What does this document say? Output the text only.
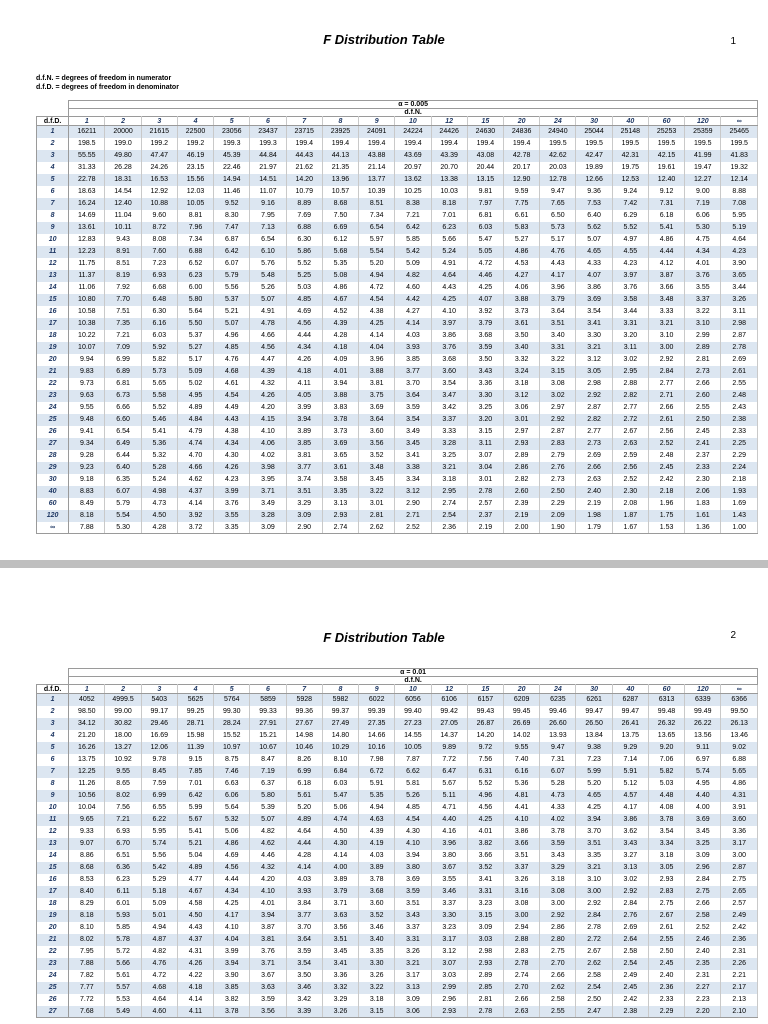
F Distribution Table	1
d.f.N. = degrees of freedom in numerator
d.f.D. = degrees of freedom in denominator
	α = 0.005																		
	d.f.N.																		
d.f.D.	1	2	3	4	5	6	7	8	9	10	12	15	20	24	30	40	60	120	∞
1	16211	20000	21615	22500	23056	23437	23715	23925	24091	24224	24426	24630	24836	24940	25044	25148	25253	25359	25465
2	198.5	199.0	199.2	199.2	199.3	199.3	199.4	199.4	199.4	199.4	199.4	199.4	199.4	199.5	199.5	199.5	199.5	199.5	199.5
3	55.55	49.80	47.47	46.19	45.39	44.84	44.43	44.13	43.88	43.69	43.39	43.08	42.78	42.62	42.47	42.31	42.15	41.99	41.83
4	31.33	26.28	24.26	23.15	22.46	21.97	21.62	21.35	21.14	20.97	20.70	20.44	20.17	20.03	19.89	19.75	19.61	19.47	19.32
5	22.78	18.31	16.53	15.56	14.94	14.51	14.20	13.96	13.77	13.62	13.38	13.15	12.90	12.78	12.66	12.53	12.40	12.27	12.14
6	18.63	14.54	12.92	12.03	11.46	11.07	10.79	10.57	10.39	10.25	10.03	9.81	9.59	9.47	9.36	9.24	9.12	9.00	8.88
7	16.24	12.40	10.88	10.05	9.52	9.16	8.89	8.68	8.51	8.38	8.18	7.97	7.75	7.65	7.53	7.42	7.31	7.19	7.08
8	14.69	11.04	9.60	8.81	8.30	7.95	7.69	7.50	7.34	7.21	7.01	6.81	6.61	6.50	6.40	6.29	6.18	6.06	5.95
9	13.61	10.11	8.72	7.96	7.47	7.13	6.88	6.69	6.54	6.42	6.23	6.03	5.83	5.73	5.62	5.52	5.41	5.30	5.19
10	12.83	9.43	8.08	7.34	6.87	6.54	6.30	6.12	5.97	5.85	5.66	5.47	5.27	5.17	5.07	4.97	4.86	4.75	4.64
11	12.23	8.91	7.60	6.88	6.42	6.10	5.86	5.68	5.54	5.42	5.24	5.05	4.86	4.76	4.65	4.55	4.44	4.34	4.23
12	11.75	8.51	7.23	6.52	6.07	5.76	5.52	5.35	5.20	5.09	4.91	4.72	4.53	4.43	4.33	4.23	4.12	4.01	3.90
13	11.37	8.19	6.93	6.23	5.79	5.48	5.25	5.08	4.94	4.82	4.64	4.46	4.27	4.17	4.07	3.97	3.87	3.76	3.65
14	11.06	7.92	6.68	6.00	5.56	5.26	5.03	4.86	4.72	4.60	4.43	4.25	4.06	3.96	3.86	3.76	3.66	3.55	3.44
15	10.80	7.70	6.48	5.80	5.37	5.07	4.85	4.67	4.54	4.42	4.25	4.07	3.88	3.79	3.69	3.58	3.48	3.37	3.26
16	10.58	7.51	6.30	5.64	5.21	4.91	4.69	4.52	4.38	4.27	4.10	3.92	3.73	3.64	3.54	3.44	3.33	3.22	3.11
17	10.38	7.35	6.16	5.50	5.07	4.78	4.56	4.39	4.25	4.14	3.97	3.79	3.61	3.51	3.41	3.31	3.21	3.10	2.98
18	10.22	7.21	6.03	5.37	4.96	4.66	4.44	4.28	4.14	4.03	3.86	3.68	3.50	3.40	3.30	3.20	3.10	2.99	2.87
19	10.07	7.09	5.92	5.27	4.85	4.56	4.34	4.18	4.04	3.93	3.76	3.59	3.40	3.31	3.21	3.11	3.00	2.89	2.78
20	9.94	6.99	5.82	5.17	4.76	4.47	4.26	4.09	3.96	3.85	3.68	3.50	3.32	3.22	3.12	3.02	2.92	2.81	2.69
21	9.83	6.89	5.73	5.09	4.68	4.39	4.18	4.01	3.88	3.77	3.60	3.43	3.24	3.15	3.05	2.95	2.84	2.73	2.61
22	9.73	6.81	5.65	5.02	4.61	4.32	4.11	3.94	3.81	3.70	3.54	3.36	3.18	3.08	2.98	2.88	2.77	2.66	2.55
23	9.63	6.73	5.58	4.95	4.54	4.26	4.05	3.88	3.75	3.64	3.47	3.30	3.12	3.02	2.92	2.82	2.71	2.60	2.48
24	9.55	6.66	5.52	4.89	4.49	4.20	3.99	3.83	3.69	3.59	3.42	3.25	3.06	2.97	2.87	2.77	2.66	2.55	2.43
25	9.48	6.60	5.46	4.84	4.43	4.15	3.94	3.78	3.64	3.54	3.37	3.20	3.01	2.92	2.82	2.72	2.61	2.50	2.38
26	9.41	6.54	5.41	4.79	4.38	4.10	3.89	3.73	3.60	3.49	3.33	3.15	2.97	2.87	2.77	2.67	2.56	2.45	2.33
27	9.34	6.49	5.36	4.74	4.34	4.06	3.85	3.69	3.56	3.45	3.28	3.11	2.93	2.83	2.73	2.63	2.52	2.41	2.25
28	9.28	6.44	5.32	4.70	4.30	4.02	3.81	3.65	3.52	3.41	3.25	3.07	2.89	2.79	2.69	2.59	2.48	2.37	2.29
29	9.23	6.40	5.28	4.66	4.26	3.98	3.77	3.61	3.48	3.38	3.21	3.04	2.86	2.76	2.66	2.56	2.45	2.33	2.24
30	9.18	6.35	5.24	4.62	4.23	3.95	3.74	3.58	3.45	3.34	3.18	3.01	2.82	2.73	2.63	2.52	2.42	2.30	2.18
40	8.83	6.07	4.98	4.37	3.99	3.71	3.51	3.35	3.22	3.12	2.95	2.78	2.60	2.50	2.40	2.30	2.18	2.06	1.93
60	8.49	5.79	4.73	4.14	3.76	3.49	3.29	3.13	3.01	2.90	2.74	2.57	2.39	2.29	2.19	2.08	1.96	1.83	1.69
120	8.18	5.54	4.50	3.92	3.55	3.28	3.09	2.93	2.81	2.71	2.54	2.37	2.19	2.09	1.98	1.87	1.75	1.61	1.43
∞	7.88	5.30	4.28	3.72	3.35	3.09	2.90	2.74	2.62	2.52	2.36	2.19	2.00	1.90	1.79	1.67	1.53	1.36	1.00
F Distribution Table	2
	α = 0.01																		
	d.f.N.																		
d.f.D.	1	2	3	4	5	6	7	8	9	10	12	15	20	24	30	40	60	120	∞
1	4052	4999.5	5403	5625	5764	5859	5928	5982	6022	6056	6106	6157	6209	6235	6261	6287	6313	6339	6366
2	98.50	99.00	99.17	99.25	99.30	99.33	99.36	99.37	99.39	99.40	99.42	99.43	99.45	99.46	99.47	99.47	99.48	99.49	99.50
3	34.12	30.82	29.46	28.71	28.24	27.91	27.67	27.49	27.35	27.23	27.05	26.87	26.69	26.60	26.50	26.41	26.32	26.22	26.13
4	21.20	18.00	16.69	15.98	15.52	15.21	14.98	14.80	14.66	14.55	14.37	14.20	14.02	13.93	13.84	13.75	13.65	13.56	13.46
5	16.26	13.27	12.06	11.39	10.97	10.67	10.46	10.29	10.16	10.05	9.89	9.72	9.55	9.47	9.38	9.29	9.20	9.11	9.02
6	13.75	10.92	9.78	9.15	8.75	8.47	8.26	8.10	7.98	7.87	7.72	7.56	7.40	7.31	7.23	7.14	7.06	6.97	6.88
7	12.25	9.55	8.45	7.85	7.46	7.19	6.99	6.84	6.72	6.62	6.47	6.31	6.16	6.07	5.99	5.91	5.82	5.74	5.65
8	11.26	8.65	7.59	7.01	6.63	6.37	6.18	6.03	5.91	5.81	5.67	5.52	5.36	5.28	5.20	5.12	5.03	4.95	4.86
9	10.56	8.02	6.99	6.42	6.06	5.80	5.61	5.47	5.35	5.26	5.11	4.96	4.81	4.73	4.65	4.57	4.48	4.40	4.31
10	10.04	7.56	6.55	5.99	5.64	5.39	5.20	5.06	4.94	4.85	4.71	4.56	4.41	4.33	4.25	4.17	4.08	4.00	3.91
11	9.65	7.21	6.22	5.67	5.32	5.07	4.89	4.74	4.63	4.54	4.40	4.25	4.10	4.02	3.94	3.86	3.78	3.69	3.60
12	9.33	6.93	5.95	5.41	5.06	4.82	4.64	4.50	4.39	4.30	4.16	4.01	3.86	3.78	3.70	3.62	3.54	3.45	3.36
13	9.07	6.70	5.74	5.21	4.86	4.62	4.44	4.30	4.19	4.10	3.96	3.82	3.66	3.59	3.51	3.43	3.34	3.25	3.17
14	8.86	6.51	5.56	5.04	4.69	4.46	4.28	4.14	4.03	3.94	3.80	3.66	3.51	3.43	3.35	3.27	3.18	3.09	3.00
15	8.68	6.36	5.42	4.89	4.56	4.32	4.14	4.00	3.89	3.80	3.67	3.52	3.37	3.29	3.21	3.13	3.05	2.96	2.87
16	8.53	6.23	5.29	4.77	4.44	4.20	4.03	3.89	3.78	3.69	3.55	3.41	3.26	3.18	3.10	3.02	2.93	2.84	2.75
17	8.40	6.11	5.18	4.67	4.34	4.10	3.93	3.79	3.68	3.59	3.46	3.31	3.16	3.08	3.00	2.92	2.83	2.75	2.65
18	8.29	6.01	5.09	4.58	4.25	4.01	3.84	3.71	3.60	3.51	3.37	3.23	3.08	3.00	2.92	2.84	2.75	2.66	2.57
19	8.18	5.93	5.01	4.50	4.17	3.94	3.77	3.63	3.52	3.43	3.30	3.15	3.00	2.92	2.84	2.76	2.67	2.58	2.49
20	8.10	5.85	4.94	4.43	4.10	3.87	3.70	3.56	3.46	3.37	3.23	3.09	2.94	2.86	2.78	2.69	2.61	2.52	2.42
21	8.02	5.78	4.87	4.37	4.04	3.81	3.64	3.51	3.40	3.31	3.17	3.03	2.88	2.80	2.72	2.64	2.55	2.46	2.36
22	7.95	5.72	4.82	4.31	3.99	3.76	3.59	3.45	3.35	3.26	3.12	2.98	2.83	2.75	2.67	2.58	2.50	2.40	2.31
23	7.88	5.66	4.76	4.26	3.94	3.71	3.54	3.41	3.30	3.21	3.07	2.93	2.78	2.70	2.62	2.54	2.45	2.35	2.26
24	7.82	5.61	4.72	4.22	3.90	3.67	3.50	3.36	3.26	3.17	3.03	2.89	2.74	2.66	2.58	2.49	2.40	2.31	2.21
25	7.77	5.57	4.68	4.18	3.85	3.63	3.46	3.32	3.22	3.13	2.99	2.85	2.70	2.62	2.54	2.45	2.36	2.27	2.17
26	7.72	5.53	4.64	4.14	3.82	3.59	3.42	3.29	3.18	3.09	2.96	2.81	2.66	2.58	2.50	2.42	2.33	2.23	2.13
27	7.68	5.49	4.60	4.11	3.78	3.56	3.39	3.26	3.15	3.06	2.93	2.78	2.63	2.55	2.47	2.38	2.29	2.20	2.10
